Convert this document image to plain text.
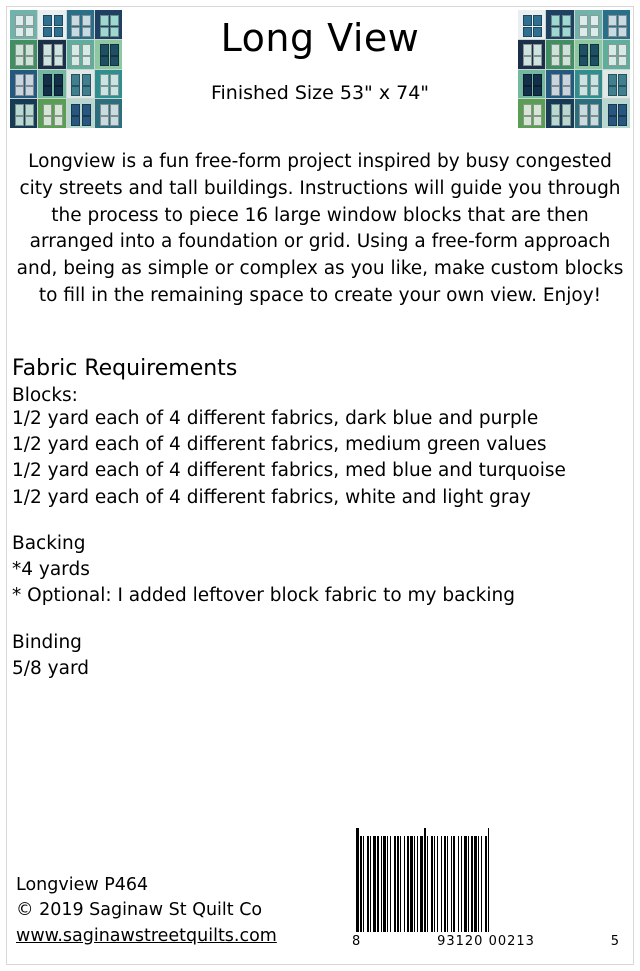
Long View
Finished Size 53" x 74"

Longview is a fun free-form project inspired by busy congested city streets and tall buildings. Instructions will guide you through the process to piece 16 large window blocks that are then arranged into a foundation or grid. Using a free-form approach and, being as simple or complex as you like, make custom blocks to fill in the remaining space to create your own view. Enjoy!

Fabric Requirements
Blocks:
1/2 yard each of 4 different fabrics, dark blue and purple
1/2 yard each of 4 different fabrics, medium green values
1/2 yard each of 4 different fabrics, med blue and turquoise
1/2 yard each of 4 different fabrics, white and light gray
Backing
*4 yards
* Optional: I added leftover block fabric to my backing
Binding
5/8 yard
Longview P464
© 2019 Saginaw St Quilt Co
www.saginawstreetquilts.com	8	93120 00213	5
